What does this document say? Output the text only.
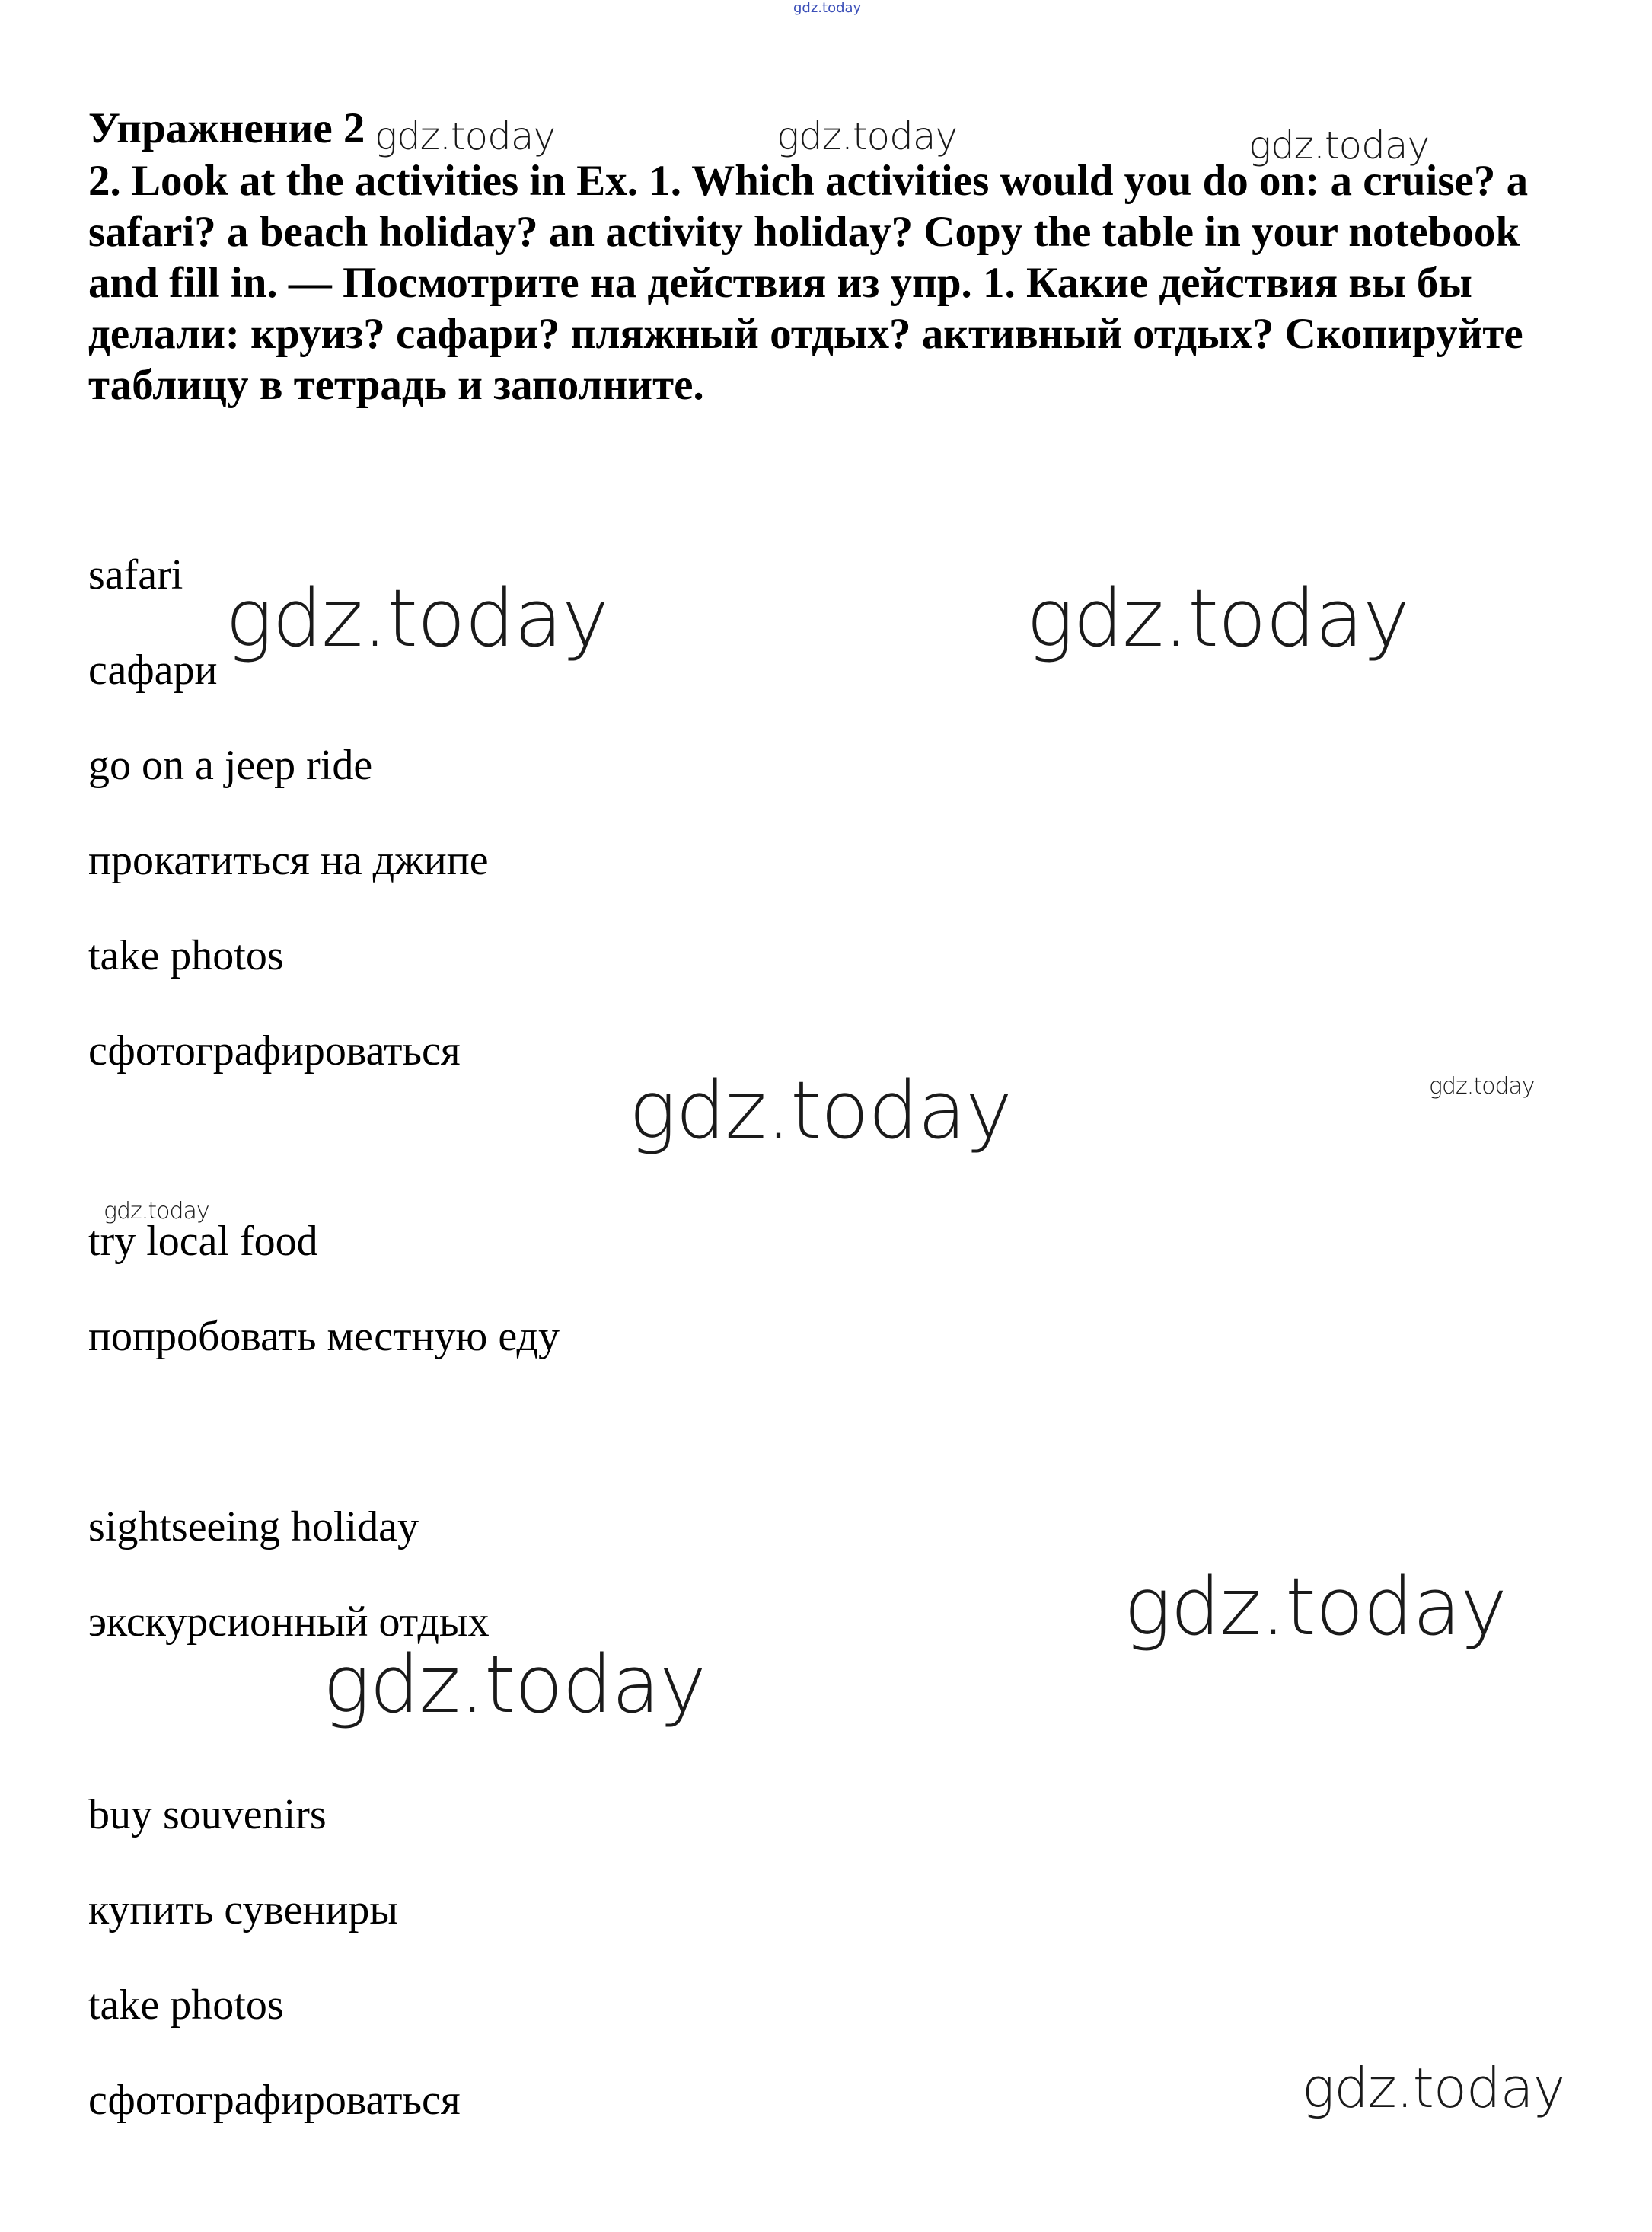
gdz.today
Упражнение 2

2. Look at the activities in Ex. 1. Which activities would you do on: a cruise? a safari? a beach holiday? an activity holiday? Copy the table in your notebook and fill in. — Посмотрите на действия из упр. 1. Какие действия вы бы делали: круиз? сафари? пляжный отдых? активный отдых? Скопируйте таблицу в тетрадь и заполните.

safari

сафари

go on a jeep ride

прокатиться на джипе

take photos

сфотографироваться

try local food

попробовать местную еду

sightseeing holiday

экскурсионный отдых

buy souvenirs

купить сувениры

take photos

сфотографироваться

gdz.today	gdz.today	gdz.today
gdz.today	gdz.today
gdz.today	gdz.today
gdz.today
gdz.today
gdz.today
gdz.today
